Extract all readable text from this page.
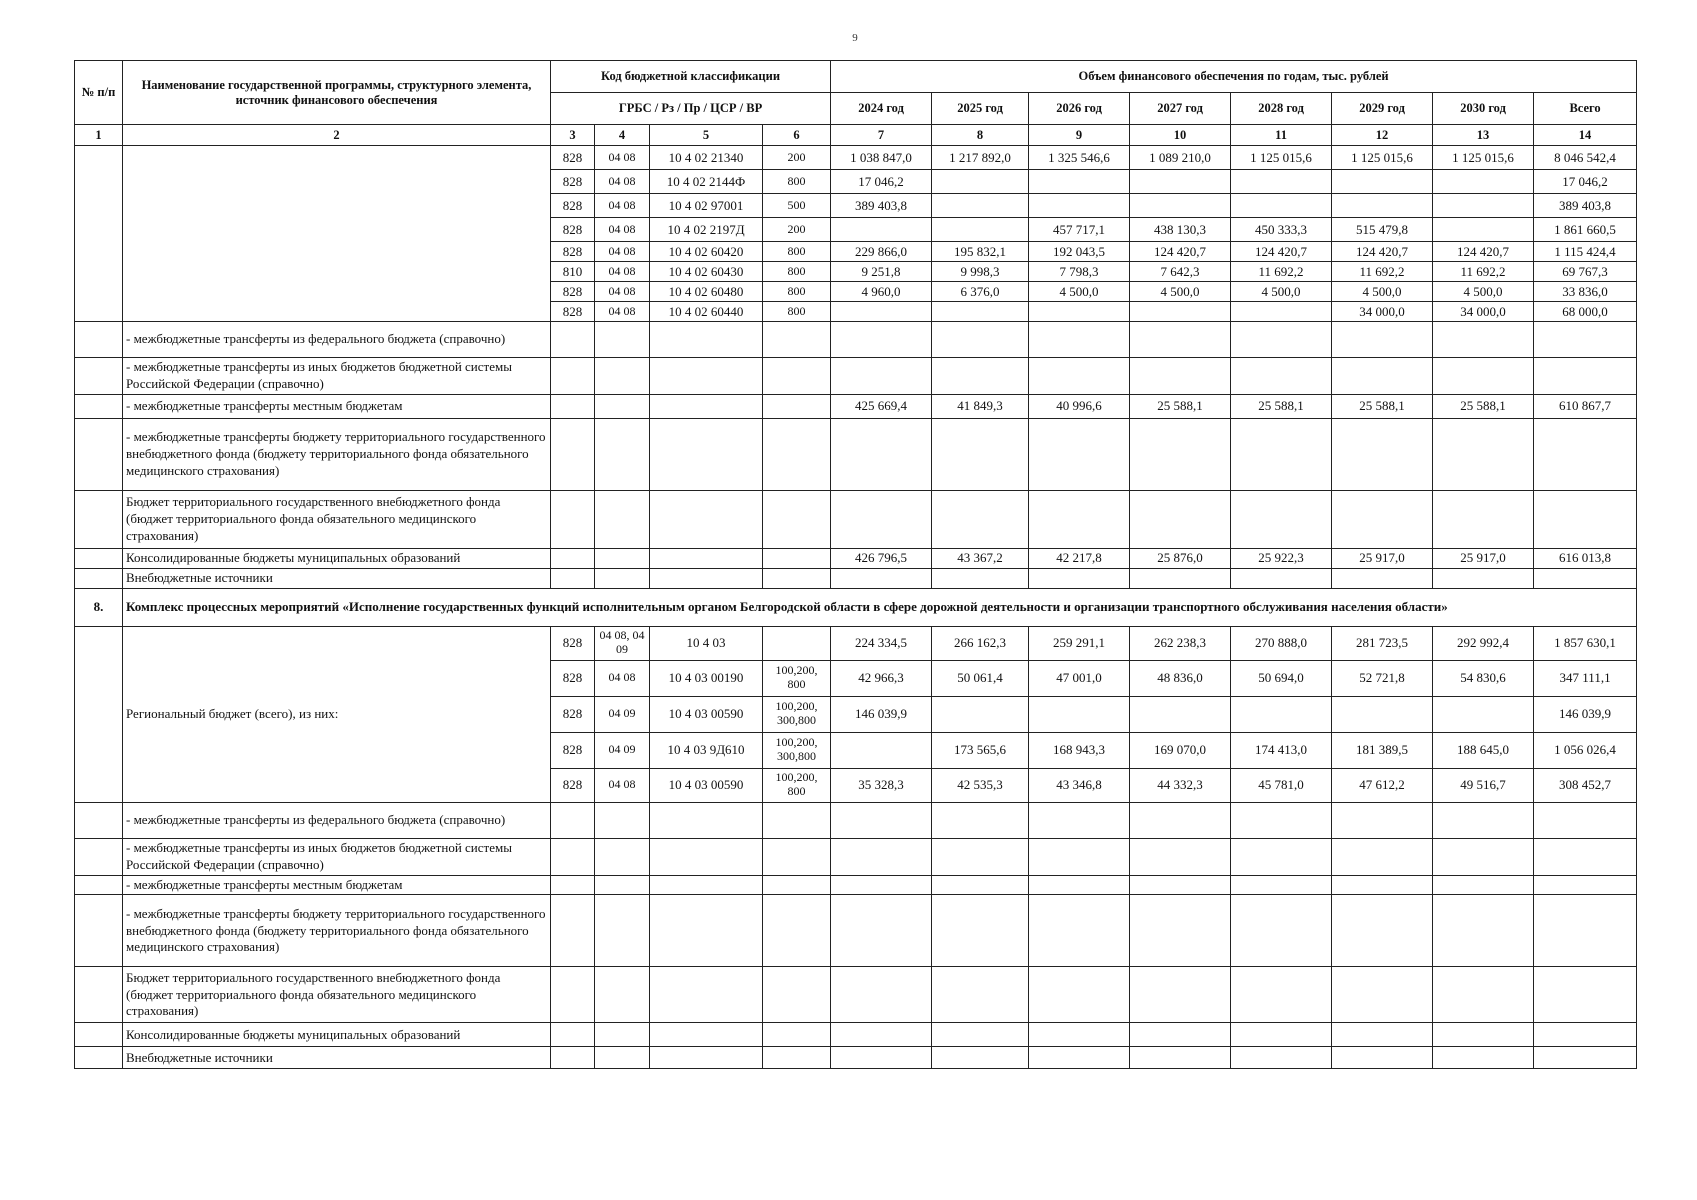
9
№ п/п	Наименование государственной программы, структурного элемента, источник финансового обеспечения	Код бюджетной классификации				Объем финансового обеспечения по годам, тыс. рублей							
		ГРБС / Рз / Пр / ЦСР / ВР				2024 год	2025 год	2026 год	2027 год	2028 год	2029 год	2030 год	Всего
1	2	3	4	5	6	7	8	9	10	11	12	13	14
		828	04 08	10 4 02 21340	200	1 038 847,0	1 217 892,0	1 325 546,6	1 089 210,0	1 125 015,6	1 125 015,6	1 125 015,6	8 046 542,4
		828	04 08	10 4 02 2144Ф	800	17 046,2							17 046,2
		828	04 08	10 4 02 97001	500	389 403,8							389 403,8
		828	04 08	10 4 02 2197Д	200			457 717,1	438 130,3	450 333,3	515 479,8		1 861 660,5
		828	04 08	10 4 02 60420	800	229 866,0	195 832,1	192 043,5	124 420,7	124 420,7	124 420,7	124 420,7	1 115 424,4
		810	04 08	10 4 02 60430	800	9 251,8	9 998,3	7 798,3	7 642,3	11 692,2	11 692,2	11 692,2	69 767,3
		828	04 08	10 4 02 60480	800	4 960,0	6 376,0	4 500,0	4 500,0	4 500,0	4 500,0	4 500,0	33 836,0
		828	04 08	10 4 02 60440	800						34 000,0	34 000,0	68 000,0
	- межбюджетные трансферты из федерального бюджета (справочно)												
	- межбюджетные трансферты из иных бюджетов бюджетной системы Российской Федерации (справочно)												
	- межбюджетные трансферты местным бюджетам					425 669,4	41 849,3	40 996,6	25 588,1	25 588,1	25 588,1	25 588,1	610 867,7
	- межбюджетные трансферты бюджету территориального государственного внебюджетного фонда (бюджету территориального фонда обязательного медицинского страхования)												
	Бюджет территориального государственного внебюджетного фонда (бюджет территориального фонда обязательного медицинского страхования)												
	Консолидированные бюджеты муниципальных образований					426 796,5	43 367,2	42 217,8	25 876,0	25 922,3	25 917,0	25 917,0	616 013,8
	Внебюджетные источники												
8.	Комплекс процессных мероприятий «Исполнение государственных функций исполнительным органом Белгородской области в сфере дорожной деятельности и организации транспортного обслуживания населения области»												
	Региональный бюджет (всего), из них:	828	04 08, 04 09	10 4 03		224 334,5	266 162,3	259 291,1	262 238,3	270 888,0	281 723,5	292 992,4	1 857 630,1
		828	04 08	10 4 03 00190	100,200, 800	42 966,3	50 061,4	47 001,0	48 836,0	50 694,0	52 721,8	54 830,6	347 111,1
		828	04 09	10 4 03 00590	100,200, 300,800	146 039,9							146 039,9
		828	04 09	10 4 03 9Д610	100,200, 300,800		173 565,6	168 943,3	169 070,0	174 413,0	181 389,5	188 645,0	1 056 026,4
		828	04 08	10 4 03 00590	100,200, 800	35 328,3	42 535,3	43 346,8	44 332,3	45 781,0	47 612,2	49 516,7	308 452,7
	- межбюджетные трансферты из федерального бюджета (справочно)												
	- межбюджетные трансферты из иных бюджетов бюджетной системы Российской Федерации (справочно)												
	- межбюджетные трансферты местным бюджетам												
	- межбюджетные трансферты бюджету территориального государственного внебюджетного фонда (бюджету территориального фонда обязательного медицинского страхования)												
	Бюджет территориального государственного внебюджетного фонда (бюджет территориального фонда обязательного медицинского страхования)												
	Консолидированные бюджеты муниципальных образований												
	Внебюджетные источники												
